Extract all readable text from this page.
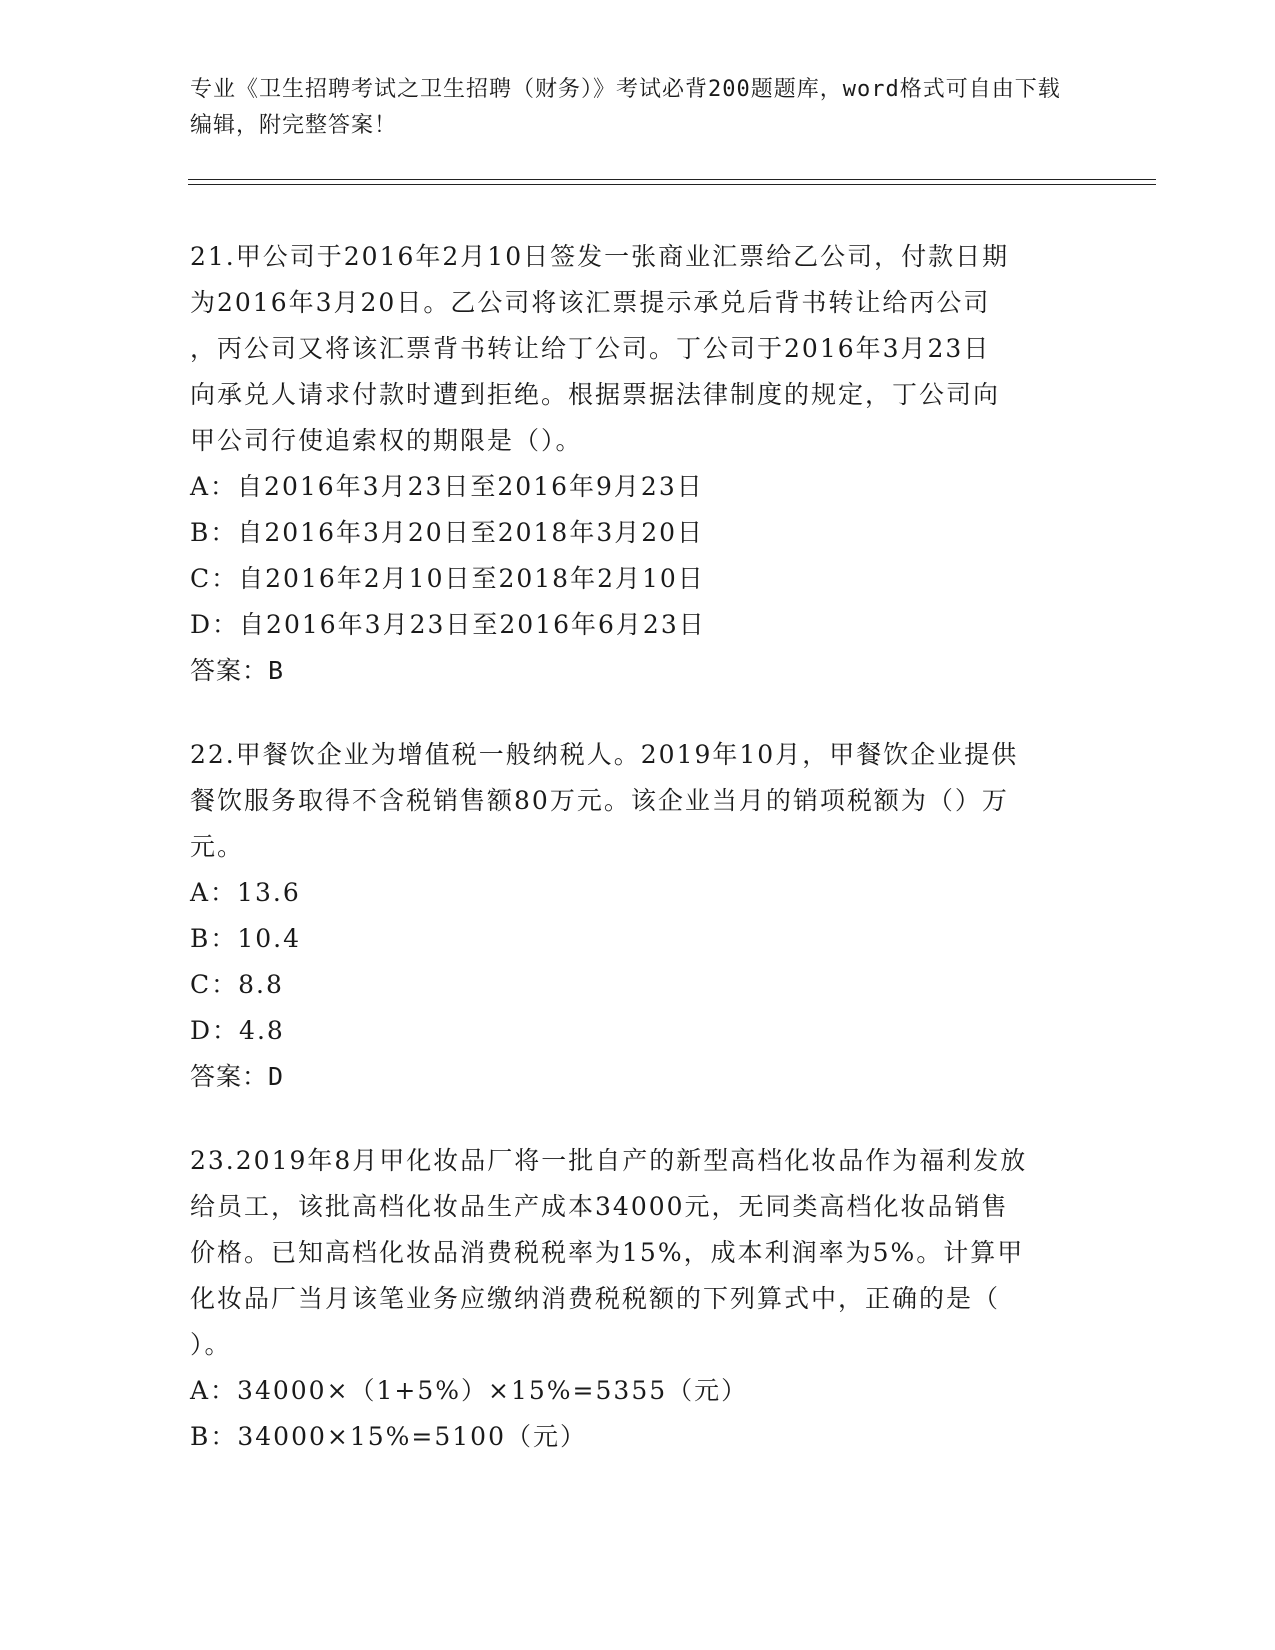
专业《卫生招聘考试之卫生招聘（财务）》考试必背200题题库，word格式可自由下载编辑，附完整答案！
21.甲公司于2016年2月10日签发一张商业汇票给乙公司，付款日期
为2016年3月20日。乙公司将该汇票提示承兑后背书转让给丙公司
，丙公司又将该汇票背书转让给丁公司。丁公司于2016年3月23日
向承兑人请求付款时遭到拒绝。根据票据法律制度的规定，丁公司向
甲公司行使追索权的期限是（）。
A：自2016年3月23日至2016年9月23日
B：自2016年3月20日至2018年3月20日
C：自2016年2月10日至2018年2月10日
D：自2016年3月23日至2016年6月23日
答案：B
22.甲餐饮企业为增值税一般纳税人。2019年10月，甲餐饮企业提供
餐饮服务取得不含税销售额80万元。该企业当月的销项税额为（）万
元。
A：13.6
B：10.4
C：8.8
D：4.8
答案：D
23.2019年8月甲化妆品厂将一批自产的新型高档化妆品作为福利发放
给员工，该批高档化妆品生产成本34000元，无同类高档化妆品销售
价格。已知高档化妆品消费税税率为15%，成本利润率为5%。计算甲
化妆品厂当月该笔业务应缴纳消费税税额的下列算式中，正确的是（
）。
A：34000×（1+5%）×15%=5355（元）
B：34000×15%=5100（元）
